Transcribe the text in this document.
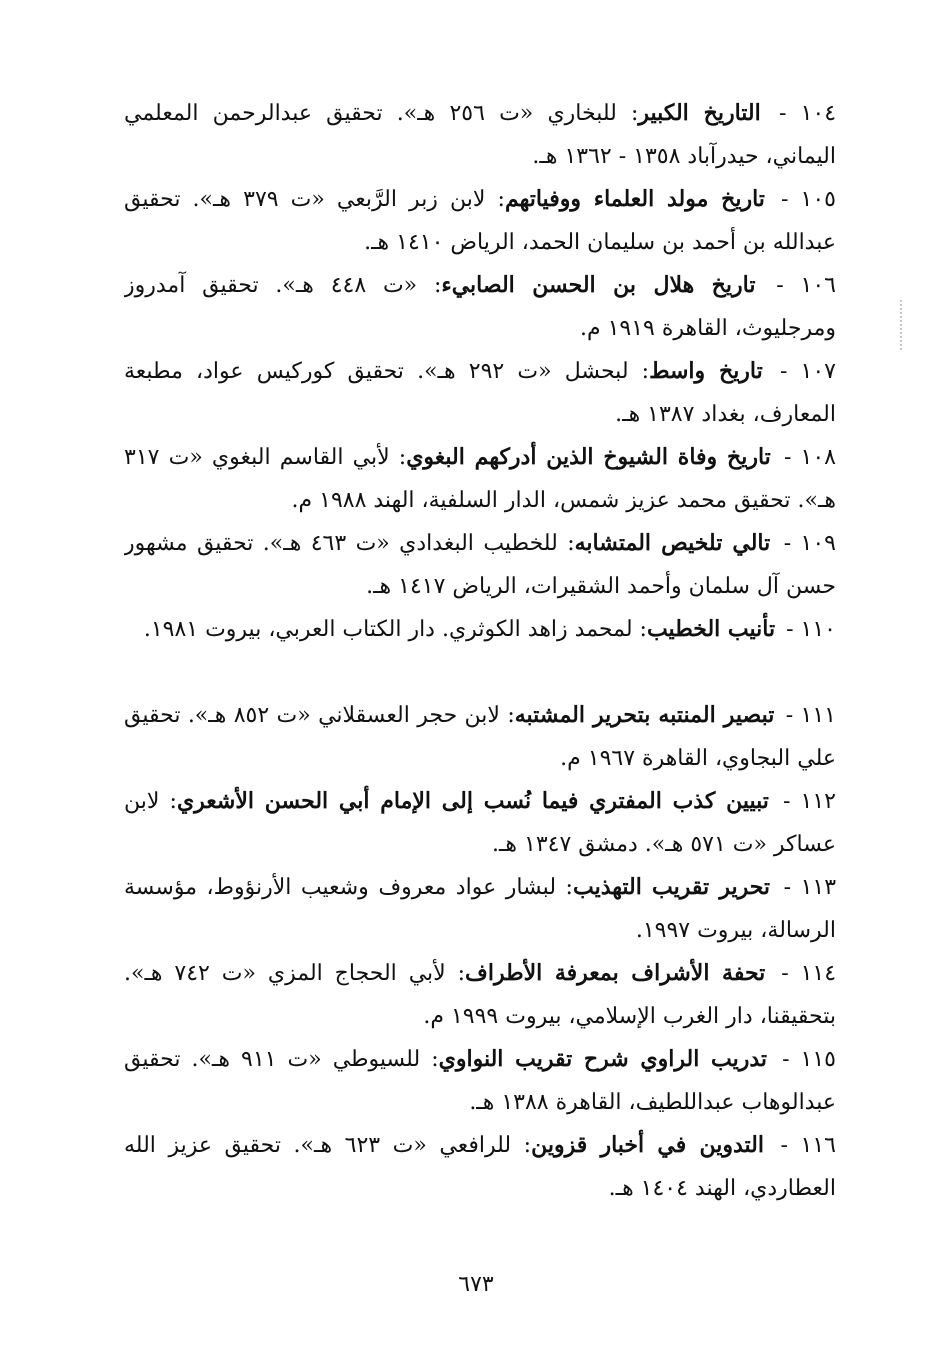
١٠٤ - التاريخ الكبير: للبخاري «ت ٢٥٦ هـ». تحقيق عبدالرحمن المعلمي اليماني، حيدرآباد ١٣٥٨ - ١٣٦٢ هـ.

١٠٥ - تاريخ مولد العلماء ووفياتهم: لابن زبر الرَّبعي «ت ٣٧٩ هـ». تحقيق عبدالله بن أحمد بن سليمان الحمد، الرياض ١٤١٠ هـ.

١٠٦ - تاريخ هلال بن الحسن الصابيء: «ت ٤٤٨ هـ». تحقيق آمدروز ومرجليوث، القاهرة ١٩١٩ م.

١٠٧ - تاريخ واسط: لبحشل «ت ٢٩٢ هـ». تحقيق كوركيس عواد، مطبعة المعارف، بغداد ١٣٨٧ هـ.

١٠٨ - تاريخ وفاة الشيوخ الذين أدركهم البغوي: لأبي القاسم البغوي «ت ٣١٧ هـ». تحقيق محمد عزيز شمس، الدار السلفية، الهند ١٩٨٨ م.

١٠٩ - تالي تلخيص المتشابه: للخطيب البغدادي «ت ٤٦٣ هـ». تحقيق مشهور حسن آل سلمان وأحمد الشقيرات، الرياض ١٤١٧ هـ.

١١٠ - تأنيب الخطيب: لمحمد زاهد الكوثري. دار الكتاب العربي، بيروت ١٩٨١.

١١١ - تبصير المنتبه بتحرير المشتبه: لابن حجر العسقلاني «ت ٨٥٢ هـ». تحقيق علي البجاوي، القاهرة ١٩٦٧ م.

١١٢ - تبيين كذب المفتري فيما نُسب إلى الإمام أبي الحسن الأشعري: لابن عساكر «ت ٥٧١ هـ». دمشق ١٣٤٧ هـ.

١١٣ - تحرير تقريب التهذيب: لبشار عواد معروف وشعيب الأرنؤوط، مؤسسة الرسالة، بيروت ١٩٩٧.

١١٤ - تحفة الأشراف بمعرفة الأطراف: لأبي الحجاج المزي «ت ٧٤٢ هـ». بتحقيقنا، دار الغرب الإسلامي، بيروت ١٩٩٩ م.

١١٥ - تدريب الراوي شرح تقريب النواوي: للسيوطي «ت ٩١١ هـ». تحقيق عبدالوهاب عبداللطيف، القاهرة ١٣٨٨ هـ.

١١٦ - التدوين في أخبار قزوين: للرافعي «ت ٦٢٣ هـ». تحقيق عزيز الله العطاردي، الهند ١٤٠٤ هـ.

٦٧٣
